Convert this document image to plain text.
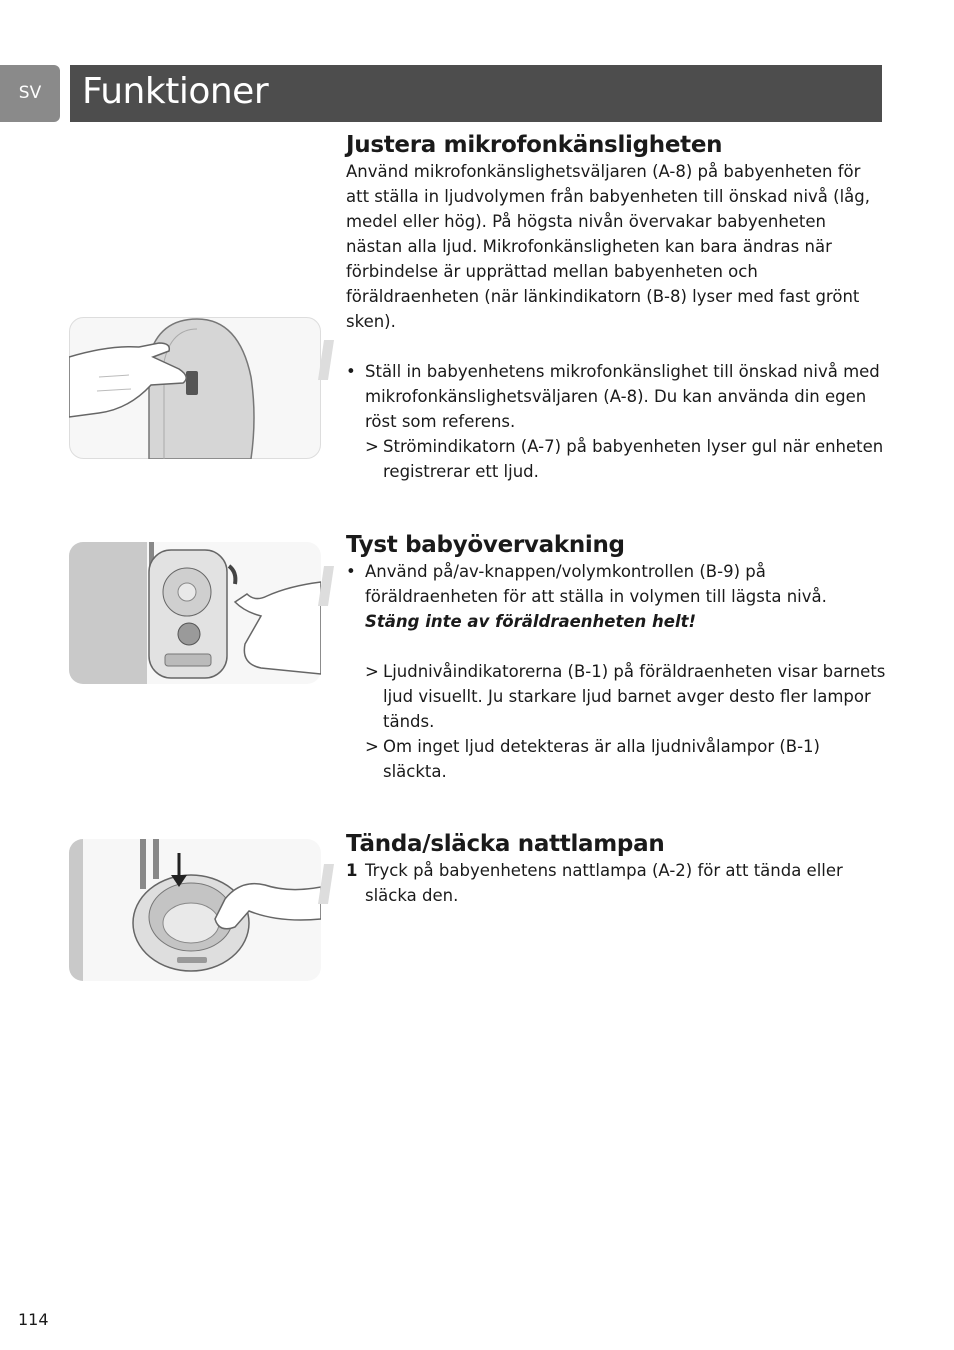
SV	Funktioner
Justera mikrofonkänsligheten

Använd mikrofonkänslighetsväljaren (A-8) på babyenheten för att ställa in ljudvolymen från babyenheten till önskad nivå (låg, medel eller hög). På högsta nivån övervakar babyenheten nästan alla ljud. Mikrofonkänsligheten kan bara ändras när förbindelse är upprättad mellan babyenheten och föräldraenheten (när länkindikatorn (B-8) lyser med fast grönt sken).

• Ställ in babyenhetens mikrofonkänslighet till önskad nivå med mikrofonkänslighetsväljaren (A-8). Du kan använda din egen röst som referens.
> Strömindikatorn (A-7) på babyenheten lyser gul när enheten registrerar ett ljud.
Tyst babyövervakning
• Använd på/av-knappen/volymkontrollen (B-9) på föräldraenheten för att ställa in volymen till lägsta nivå.
Stäng inte av föräldraenheten helt!
> Ljudnivåindikatorerna (B-1) på föräldraenheten visar barnets ljud visuellt. Ju starkare ljud barnet avger desto fler lampor tänds.
> Om inget ljud detekteras är alla ljudnivålampor (B-1) släckta.
Tända/släcka nattlampan
1 Tryck på babyenhetens nattlampa (A-2) för att tända eller släcka den.
114
